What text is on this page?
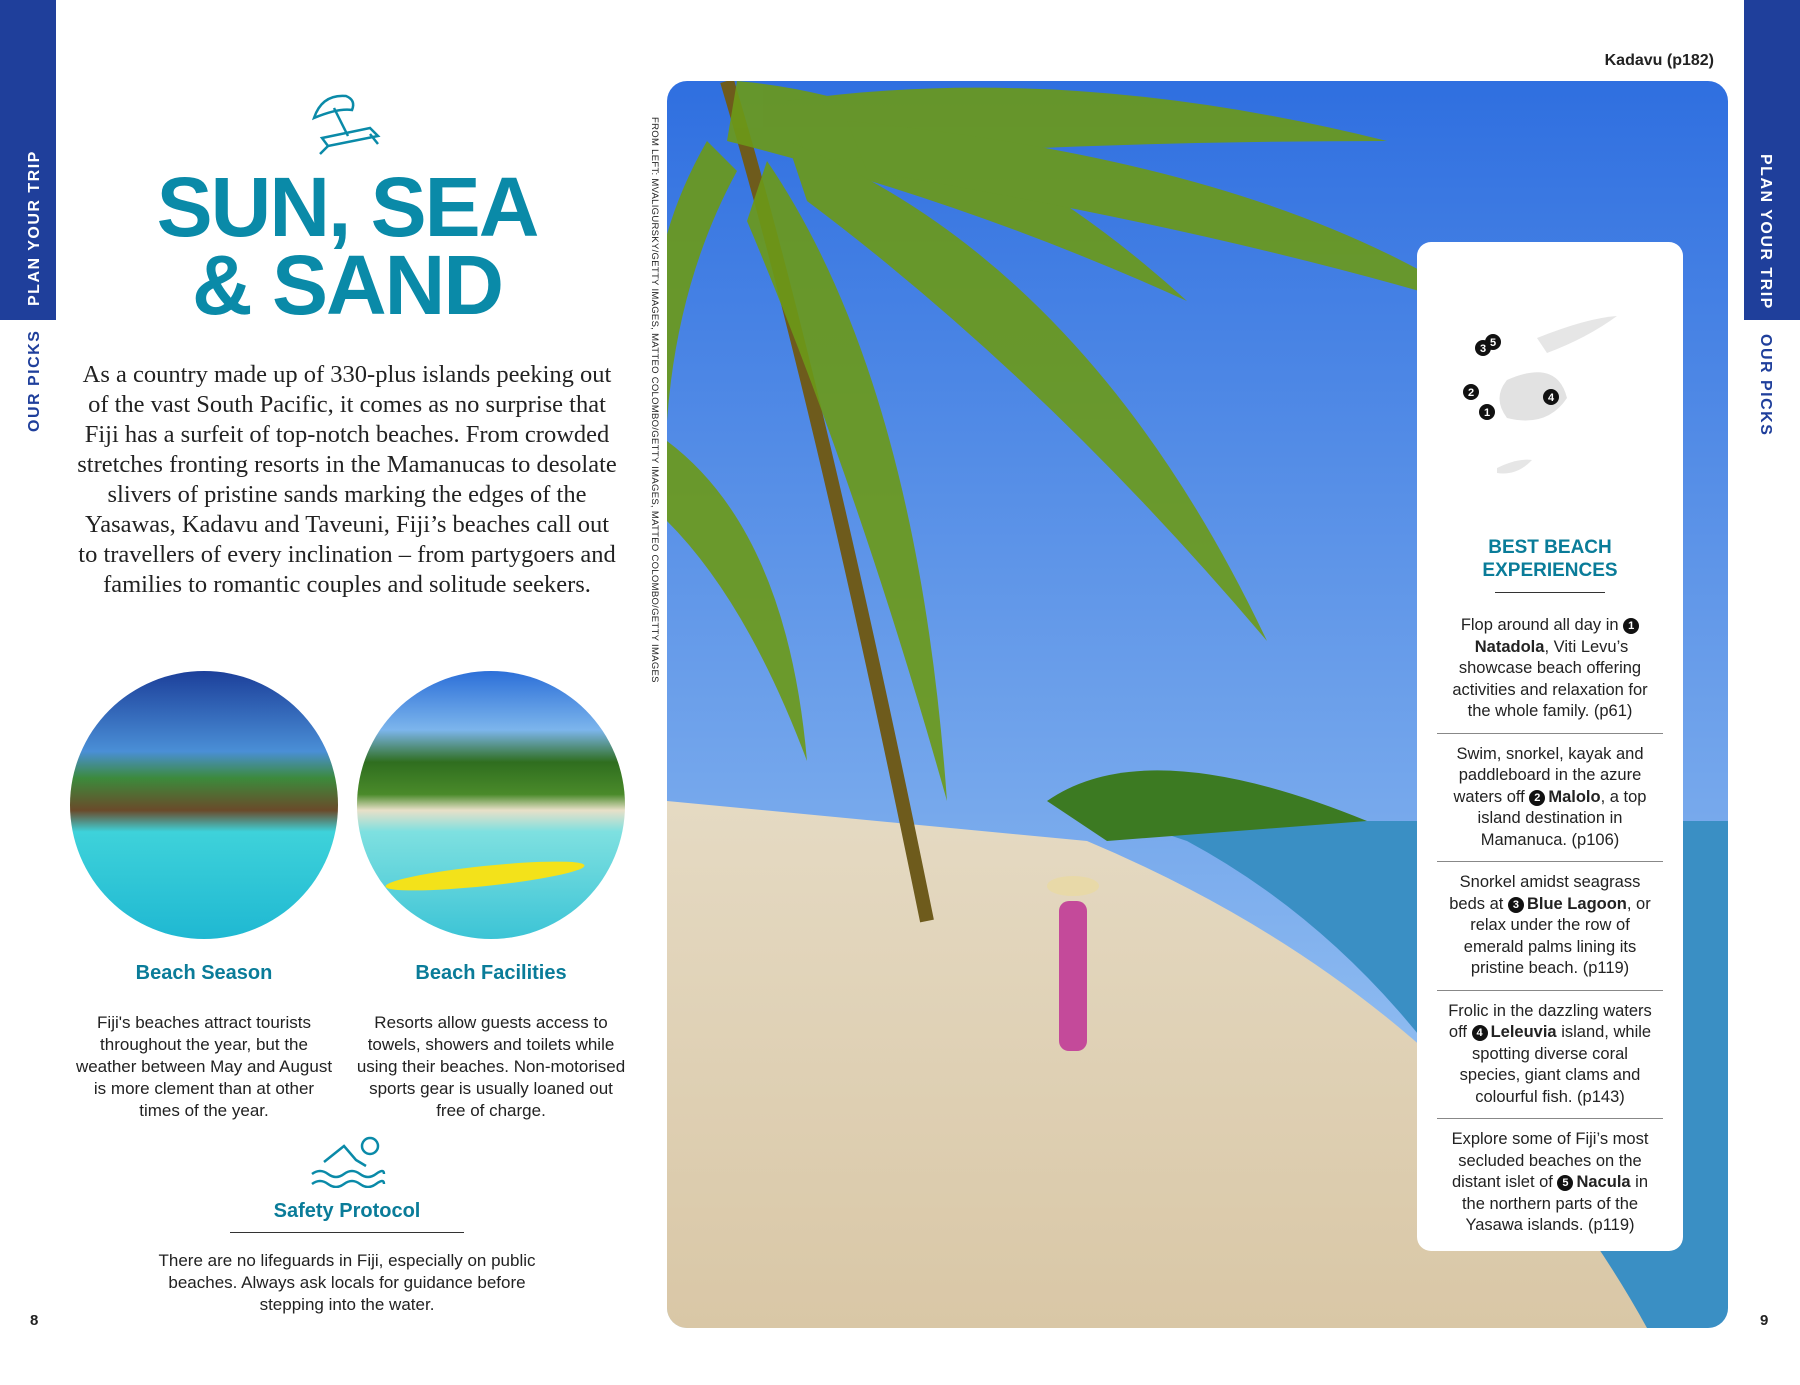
PLAN YOUR TRIP
OUR PICKS
PLAN YOUR TRIP
OUR PICKS
SUN, SEA
& SAND
As a country made up of 330-plus islands peeking out of the vast South Pacific, it comes as no surprise that Fiji has a surfeit of top-notch beaches. From crowded stretches fronting resorts in the Mamanucas to desolate slivers of pristine sands marking the edges of the Yasawas, Kadavu and Taveuni, Fiji’s beaches call out to travellers of every inclination – from partygoers and families to romantic couples and solitude seekers.
Beach Season
Fiji's beaches attract tourists throughout the year, but the weather between May and August is more clement than at other times of the year.
Beach Facilities
Resorts allow guests access to towels, showers and toilets while using their beaches. Non-motorised sports gear is usually loaned out free of charge.
Safety Protocol
There are no lifeguards in Fiji, especially on public beaches. Always ask locals for guidance before stepping into the water.
FROM LEFT: MVALIGURSKY/GETTY IMAGES, MATTEO COLOMBO/GETTY IMAGES, MATTEO COLOMBO/GETTY IMAGES
Kadavu (p182)
2
1
3
4
5
BEST BEACH
EXPERIENCES
Flop around all day in 1Natadola, Viti Levu’s showcase beach offering activities and relaxation for the whole family. (p61)
Swim, snorkel, kayak and paddleboard in the azure waters off 2 Malolo, a top island destination in Mamanuca. (p106)
Snorkel amidst seagrass beds at 3 Blue Lagoon, or relax under the row of emerald palms lining its pristine beach. (p119)
Frolic in the dazzling waters off 4 Leleuvia island, while spotting diverse coral species, giant clams and colourful fish. (p143)
Explore some of Fiji’s most secluded beaches on the distant islet of 5 Nacula in the northern parts of the Yasawa islands. (p119)
8	9
